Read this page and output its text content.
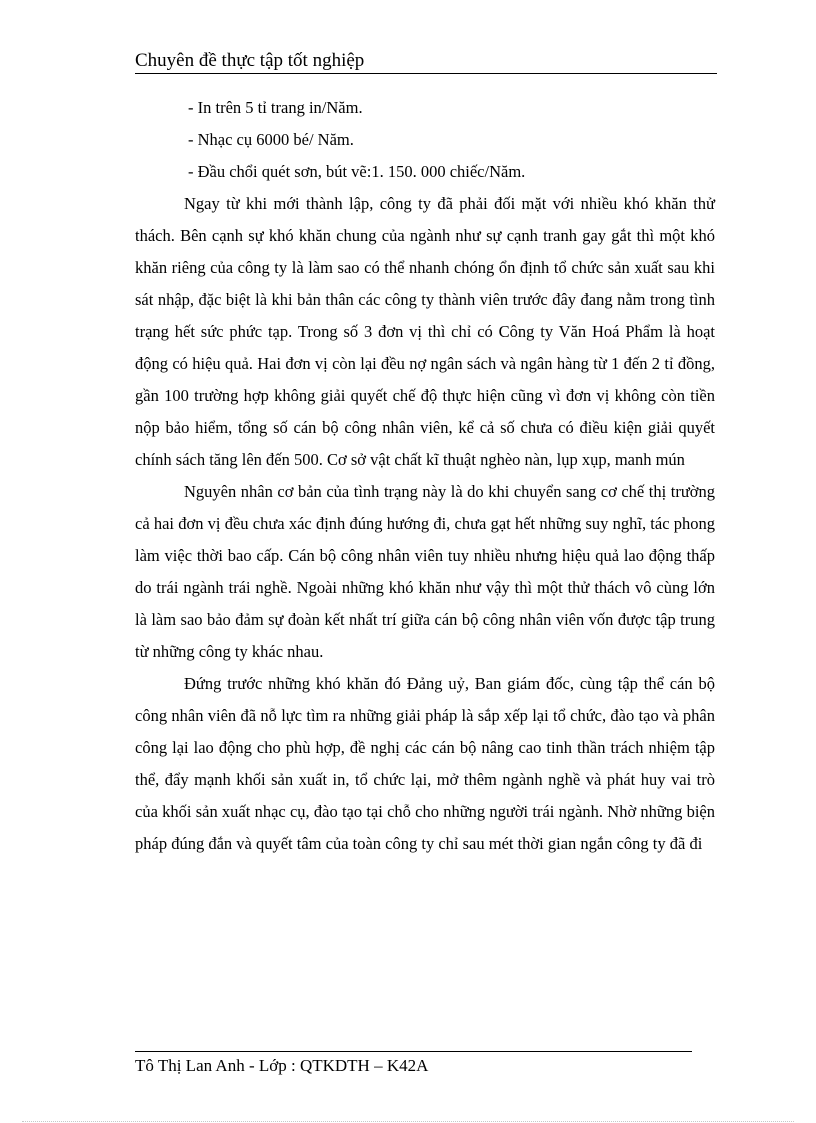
Chuyên đề thực tập tốt nghiệp

- In trên 5 tỉ trang in/Năm.

- Nhạc cụ 6000 bé/ Năm.

- Đầu chổi quét sơn, bút vẽ:1. 150. 000 chiếc/Năm.

Ngay từ khi mới thành lập, công ty đã phải đối mặt với nhiều khó khăn thử thách. Bên cạnh sự khó khăn chung của ngành như sự cạnh tranh gay gắt thì một khó khăn riêng của công ty là làm sao có thể nhanh chóng ổn định tổ chức sản xuất sau khi sát nhập, đặc biệt là khi bản thân các công ty thành viên trước đây đang nằm trong tình trạng hết sức phức tạp. Trong số 3 đơn vị thì chỉ có Công ty Văn Hoá Phẩm là hoạt động có hiệu quả. Hai đơn vị còn lại đều nợ ngân sách và ngân hàng từ 1 đến 2 tỉ đồng, gần 100 trường hợp không giải quyết chế độ thực hiện cũng vì đơn vị không còn tiền nộp bảo hiểm, tổng số cán bộ công nhân viên, kể cả số chưa có điều kiện giải quyết chính sách tăng lên đến 500. Cơ sở vật chất kĩ thuật nghèo nàn, lụp xụp, manh mún

Nguyên nhân cơ bản của tình trạng này là do khi chuyển sang cơ chế thị trường cả hai đơn vị đều chưa xác định đúng hướng đi, chưa gạt hết những suy nghĩ, tác phong làm việc thời bao cấp. Cán bộ công nhân viên tuy nhiều nhưng hiệu quả lao động thấp do trái ngành trái nghề. Ngoài những khó khăn như vậy thì một thử thách vô cùng lớn là làm sao bảo đảm sự đoàn kết nhất trí giữa cán bộ công nhân viên vốn được tập trung từ những công ty khác nhau.

Đứng trước những khó khăn đó Đảng uỷ, Ban giám đốc, cùng tập thể cán bộ công nhân viên đã nỗ lực tìm ra những giải pháp là sắp xếp lại tổ chức, đào tạo và phân công lại lao động cho phù hợp, đề nghị các cán bộ nâng cao tinh thần trách nhiệm tập thể, đẩy mạnh khối sản xuất in, tổ chức lại, mở thêm ngành nghề và phát huy vai trò của khối sản xuất nhạc cụ, đào tạo tại chỗ cho những người trái ngành. Nhờ những biện pháp đúng đắn và quyết tâm của toàn công ty chỉ sau mét thời gian ngắn công ty đã đi

Tô Thị Lan Anh - Lớp : QTKDTH – K42A
